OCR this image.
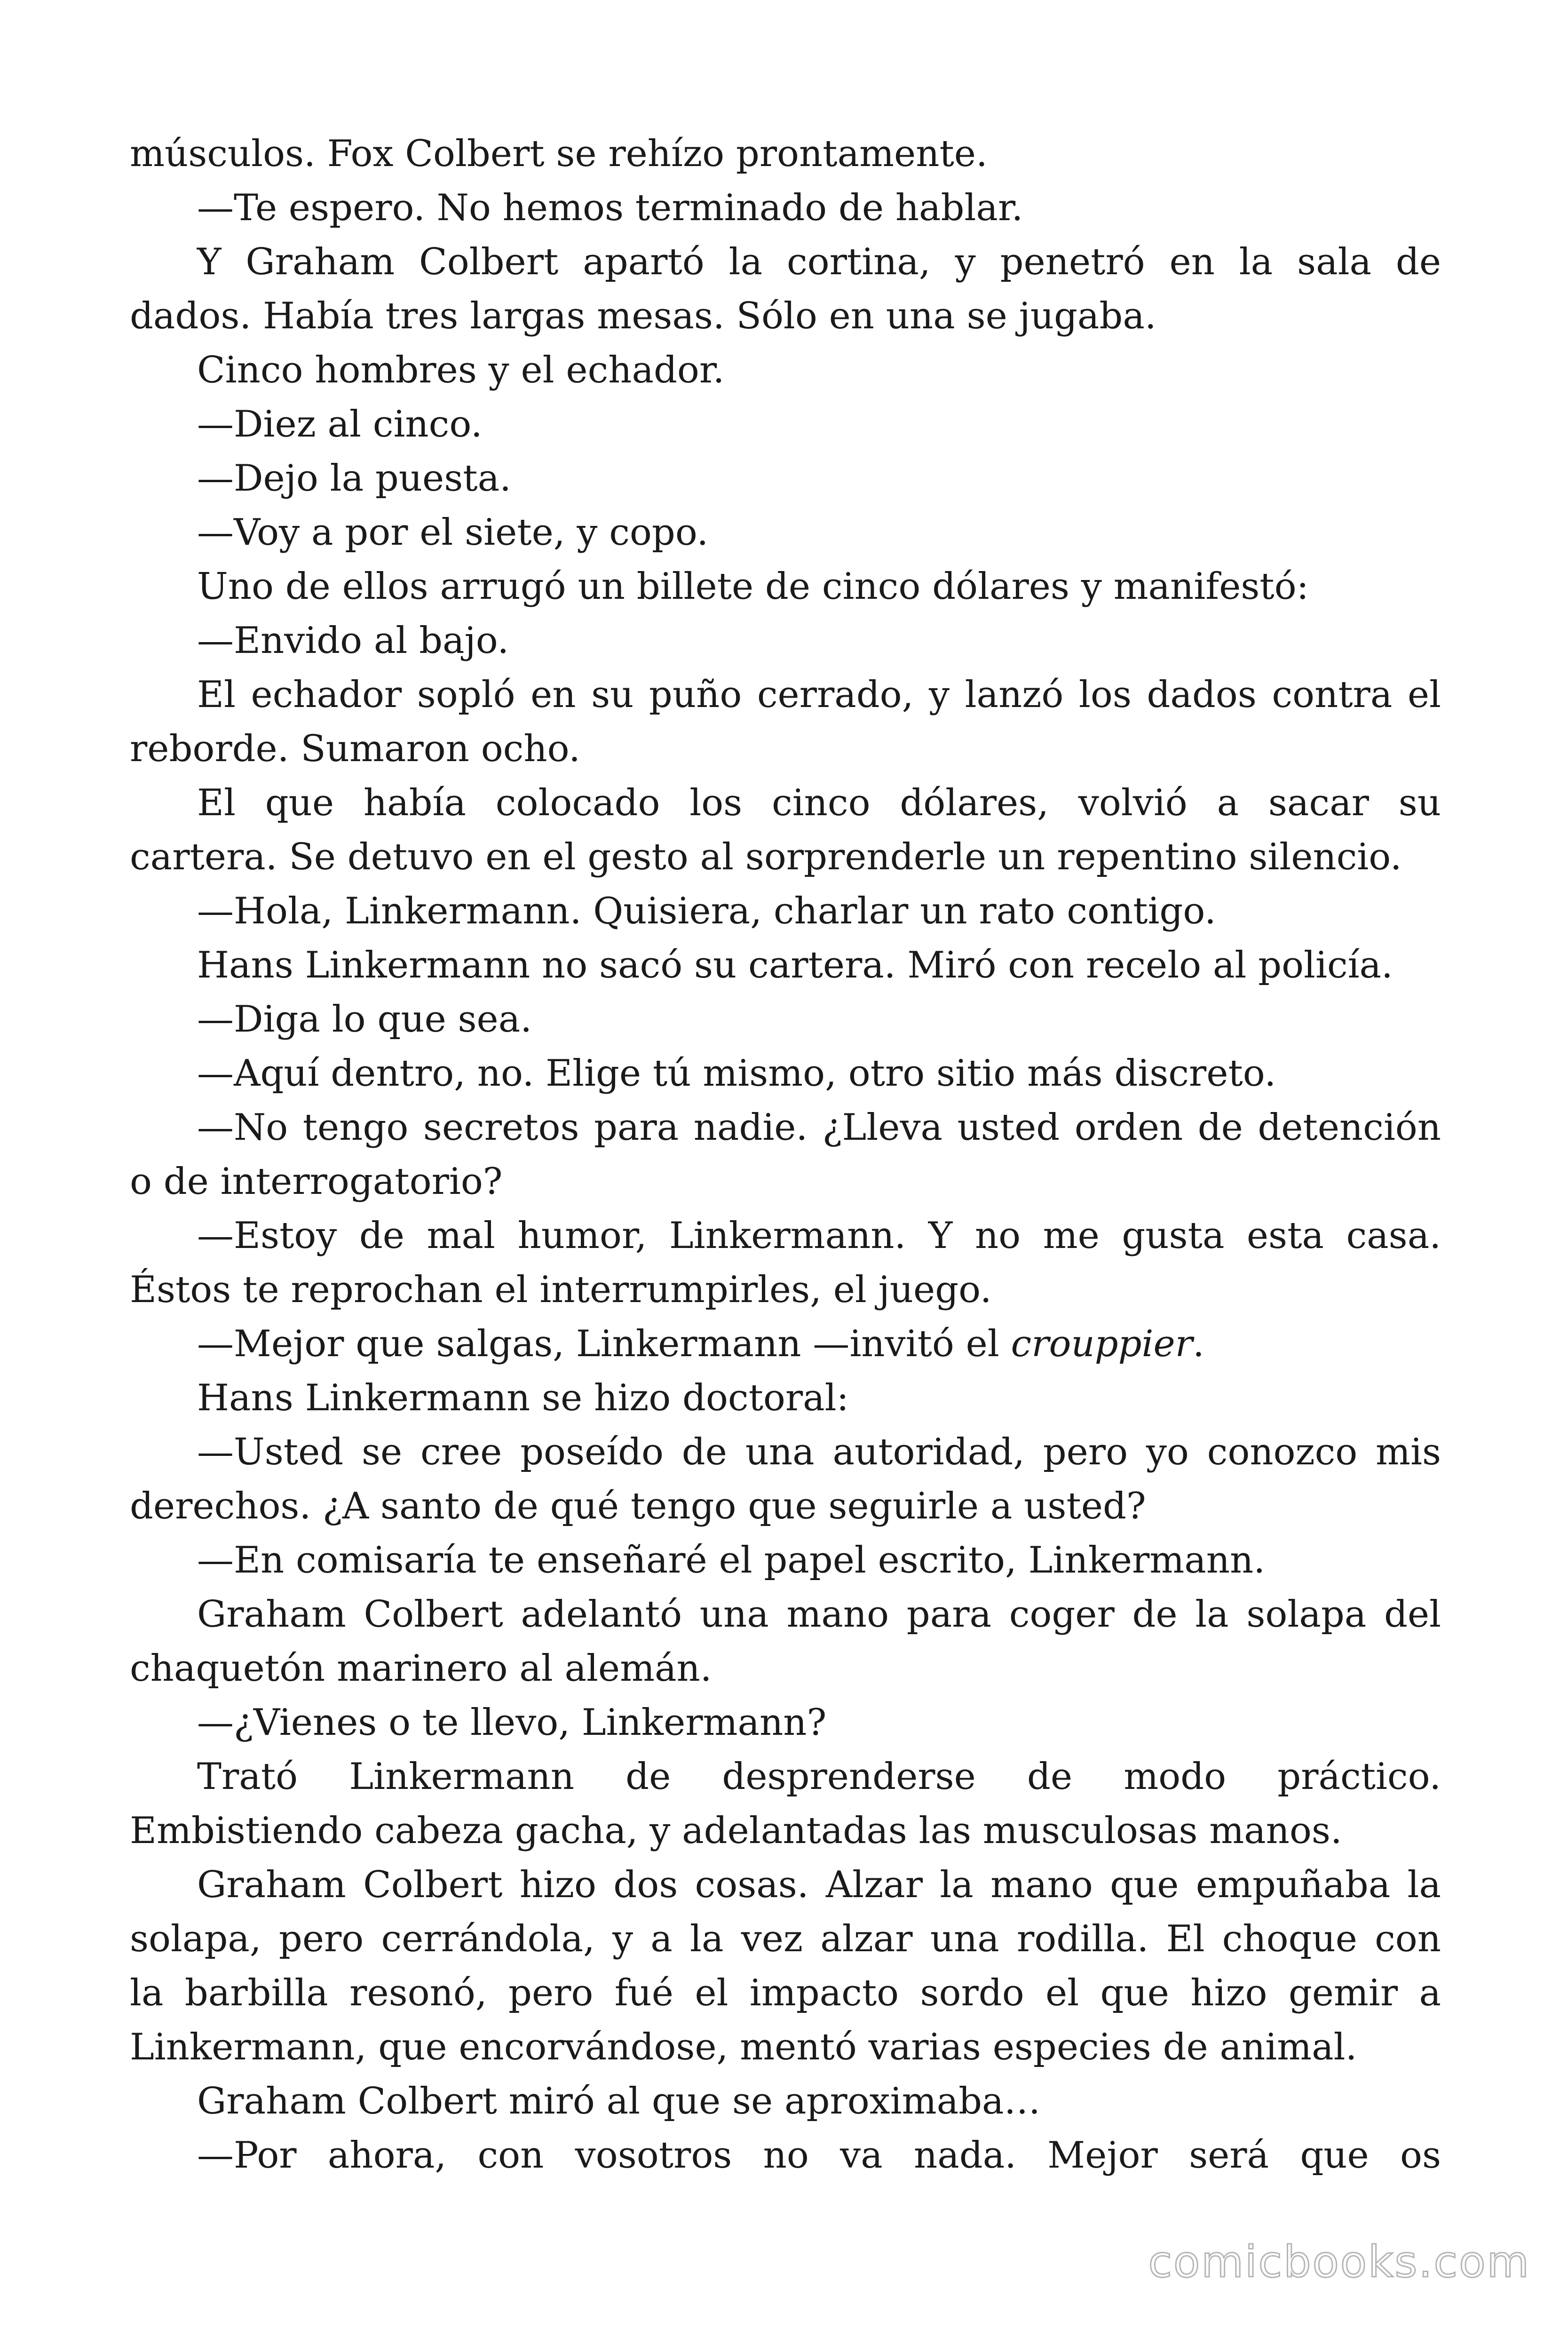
músculos. Fox Colbert se rehízo prontamente.
—Te espero. No hemos terminado de hablar.
Y Graham Colbert apartó la cortina, y penetró en la sala de
dados. Había tres largas mesas. Sólo en una se jugaba.
Cinco hombres y el echador.
—Diez al cinco.
—Dejo la puesta.
—Voy a por el siete, y copo.
Uno de ellos arrugó un billete de cinco dólares y manifestó:
—Envido al bajo.
El echador sopló en su puño cerrado, y lanzó los dados contra el
reborde. Sumaron ocho.
El que había colocado los cinco dólares, volvió a sacar su
cartera. Se detuvo en el gesto al sorprenderle un repentino silencio.
—Hola, Linkermann. Quisiera, charlar un rato contigo.
Hans Linkermann no sacó su cartera. Miró con recelo al policía.
—Diga lo que sea.
—Aquí dentro, no. Elige tú mismo, otro sitio más discreto.
—No tengo secretos para nadie. ¿Lleva usted orden de detención
o de interrogatorio?
—Estoy de mal humor, Linkermann. Y no me gusta esta casa.
Éstos te reprochan el interrumpirles, el juego.
—Mejor que salgas, Linkermann —invitó el crouppier.
Hans Linkermann se hizo doctoral:
—Usted se cree poseído de una autoridad, pero yo conozco mis
derechos. ¿A santo de qué tengo que seguirle a usted?
—En comisaría te enseñaré el papel escrito, Linkermann.
Graham Colbert adelantó una mano para coger de la solapa del
chaquetón marinero al alemán.
—¿Vienes o te llevo, Linkermann?
Trató Linkermann de desprenderse de modo práctico.
Embistiendo cabeza gacha, y adelantadas las musculosas manos.
Graham Colbert hizo dos cosas. Alzar la mano que empuñaba la
solapa, pero cerrándola, y a la vez alzar una rodilla. El choque con
la barbilla resonó, pero fué el impacto sordo el que hizo gemir a
Linkermann, que encorvándose, mentó varias especies de animal.
Graham Colbert miró al que se aproximaba…
—Por ahora, con vosotros no va nada. Mejor será que os
comicbooks.com
